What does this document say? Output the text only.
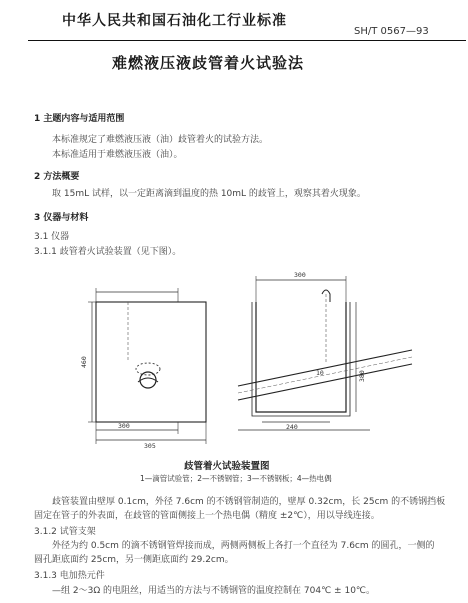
中华人民共和国石油化工行业标准
SH/T 0567—93
难燃液压液歧管着火试验法
1 主题内容与适用范围
本标准规定了难燃液压液（油）歧管着火的试验方法。
本标准适用于难燃液压液（油）。
2 方法概要
取 15mL 试样，以一定距离滴到温度的热 10mL 的歧管上，观察其着火现象。
3 仪器与材料
3.1 仪器
3.1.1 歧管着火试验装置（见下图）。
460
300
305
300
10	380
240
歧管着火试验装置图
1—滴管试验管；2—不锈钢管；3—不锈钢板；4—热电偶
歧管装置由壁厚 0.1cm，外径 7.6cm 的不锈钢管制造的，壁厚 0.32cm，长 25cm 的不锈钢挡板
固定在管子的外表面，在歧管的管面侧接上一个热电偶（精度 ±2℃），用以导线连接。
3.1.2 试管支架
外径为约 0.5cm 的滴不锈钢管焊接而成，两侧两侧板上各打一个直径为 7.6cm 的圆孔，一侧的
圆孔距底面约 25cm，另一侧距底面约 29.2cm。
3.1.3 电加热元件
—组 2～3Ω 的电阻丝，用适当的方法与不锈钢管的温度控制在 704℃ ± 10℃。
